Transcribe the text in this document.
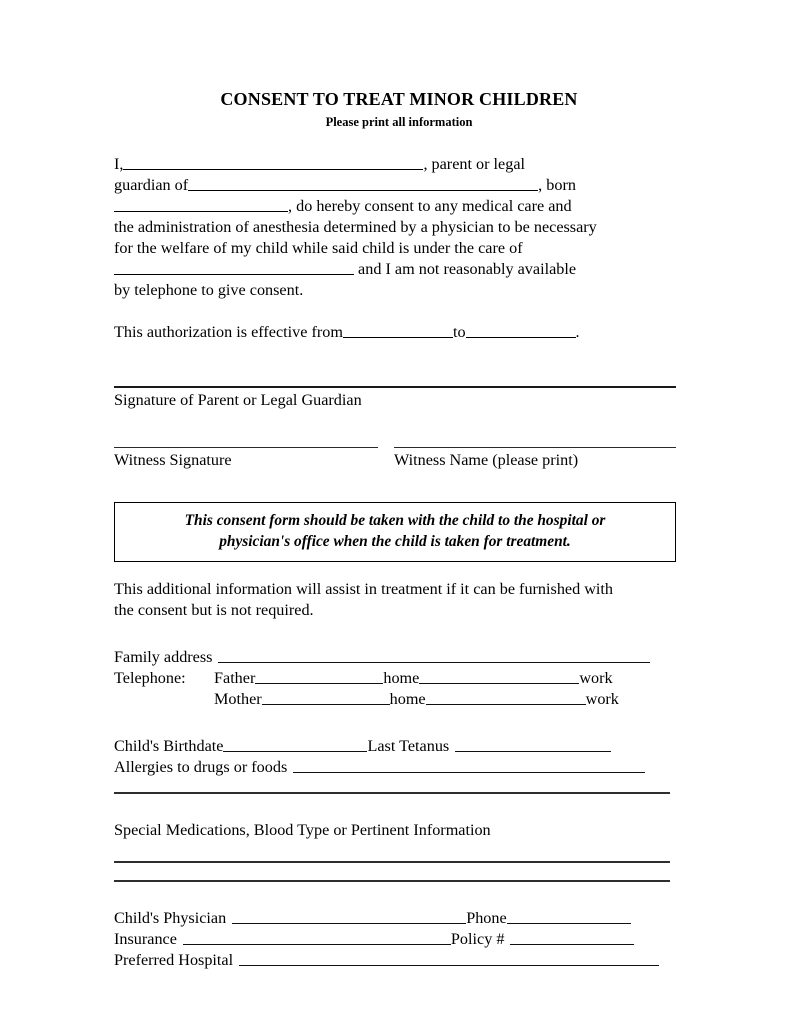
CONSENT TO TREAT MINOR CHILDREN

Please print all information

I,	, parent or legal
guardian of	, born
, do hereby consent to any medical care and
the administration of anesthesia determined by a physician to be necessary
for the welfare of my child while said child is under the care of
and I am not reasonably available
by telephone to give consent.

This authorization is effective from	to	.

Signature of Parent or Legal Guardian

Witness Signature	Witness Name (please print)

This consent form should be taken with the child to the hospital or

physician's office when the child is taken for treatment.

This additional information will assist in treatment if it can be furnished with
the consent but is not required.

Family address
Telephone: Father	home	work
Mother	home	work
Child's Birthdate	Last Tetanus
Allergies to drugs or foods

Special Medications, Blood Type or Pertinent Information

Child's Physician	Phone
Insurance	Policy #
Preferred Hospital
